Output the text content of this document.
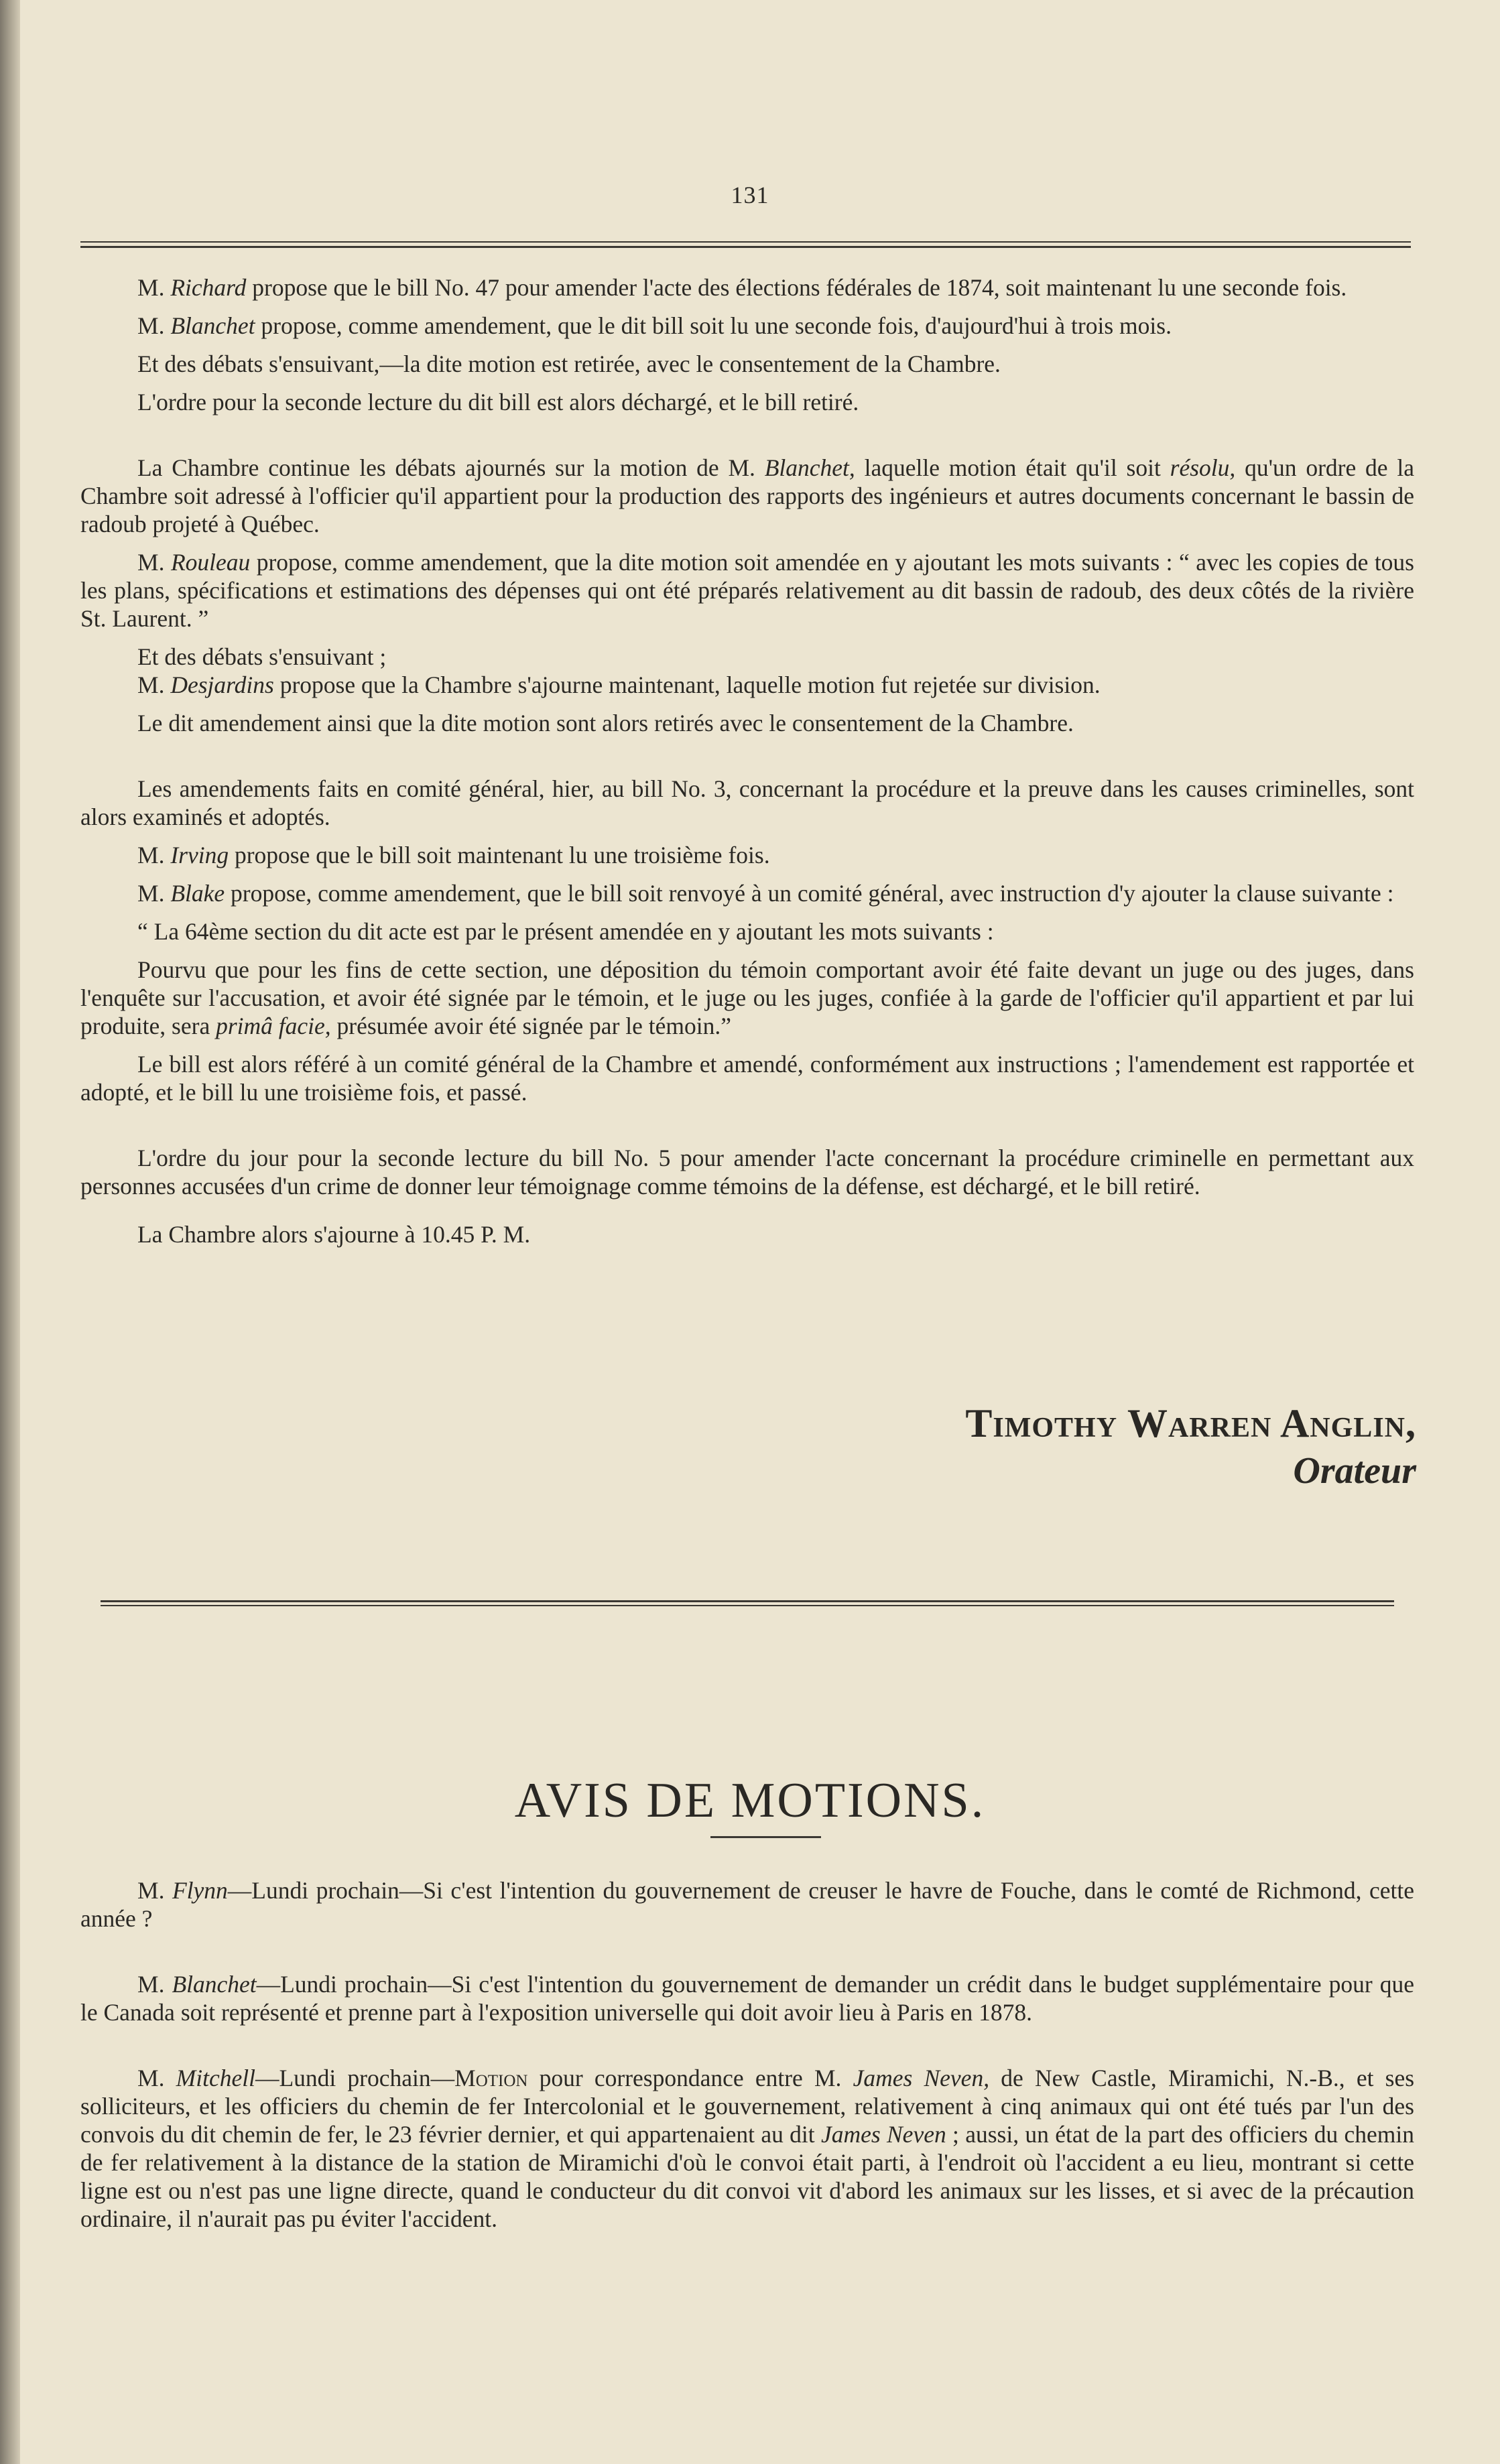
131

M. Richard propose que le bill No. 47 pour amender l'acte des élections fédérales de 1874, soit maintenant lu une seconde fois.

M. Blanchet propose, comme amendement, que le dit bill soit lu une seconde fois, d'aujourd'hui à trois mois.

Et des débats s'ensuivant,—la dite motion est retirée, avec le consentement de la Chambre.

L'ordre pour la seconde lecture du dit bill est alors déchargé, et le bill retiré.

La Chambre continue les débats ajournés sur la motion de M. Blanchet, laquelle motion était qu'il soit résolu, qu'un ordre de la Chambre soit adressé à l'officier qu'il appartient pour la production des rapports des ingénieurs et autres documents concernant le bassin de radoub projeté à Québec.

M. Rouleau propose, comme amendement, que la dite motion soit amendée en y ajoutant les mots suivants : “ avec les copies de tous les plans, spécifications et estimations des dépenses qui ont été préparés relativement au dit bassin de radoub, des deux côtés de la rivière St. Laurent. ”

Et des débats s'ensuivant ;

M. Desjardins propose que la Chambre s'ajourne maintenant, laquelle motion fut rejetée sur division.

Le dit amendement ainsi que la dite motion sont alors retirés avec le consentement de la Chambre.

Les amendements faits en comité général, hier, au bill No. 3, concernant la procédure et la preuve dans les causes criminelles, sont alors examinés et adoptés.

M. Irving propose que le bill soit maintenant lu une troisième fois.

M. Blake propose, comme amendement, que le bill soit renvoyé à un comité général, avec instruction d'y ajouter la clause suivante :

“ La 64ème section du dit acte est par le présent amendée en y ajoutant les mots suivants :

Pourvu que pour les fins de cette section, une déposition du témoin comportant avoir été faite devant un juge ou des juges, dans l'enquête sur l'accusation, et avoir été signée par le témoin, et le juge ou les juges, confiée à la garde de l'officier qu'il appartient et par lui produite, sera primâ facie, présumée avoir été signée par le témoin.”

Le bill est alors référé à un comité général de la Chambre et amendé, conformément aux instructions ; l'amendement est rapportée et adopté, et le bill lu une troisième fois, et passé.

L'ordre du jour pour la seconde lecture du bill No. 5 pour amender l'acte concernant la procédure criminelle en permettant aux personnes accusées d'un crime de donner leur témoignage comme témoins de la défense, est déchargé, et le bill retiré.

La Chambre alors s'ajourne à 10.45 P. M.

Timothy Warren Anglin,
Orateur
AVIS DE MOTIONS.

M. Flynn—Lundi prochain—Si c'est l'intention du gouvernement de creuser le havre de Fouche, dans le comté de Richmond, cette année ?

M. Blanchet—Lundi prochain—Si c'est l'intention du gouvernement de demander un crédit dans le budget supplémentaire pour que le Canada soit représenté et prenne part à l'exposition universelle qui doit avoir lieu à Paris en 1878.

M. Mitchell—Lundi prochain—Motion pour correspondance entre M. James Neven, de New Castle, Miramichi, N.-B., et ses solliciteurs, et les officiers du chemin de fer Intercolonial et le gouvernement, relativement à cinq animaux qui ont été tués par l'un des convois du dit chemin de fer, le 23 février dernier, et qui appartenaient au dit James Neven ; aussi, un état de la part des officiers du chemin de fer relativement à la distance de la station de Miramichi d'où le convoi était parti, à l'endroit où l'accident a eu lieu, montrant si cette ligne est ou n'est pas une ligne directe, quand le conducteur du dit convoi vit d'abord les animaux sur les lisses, et si avec de la précaution ordinaire, il n'aurait pas pu éviter l'accident.
